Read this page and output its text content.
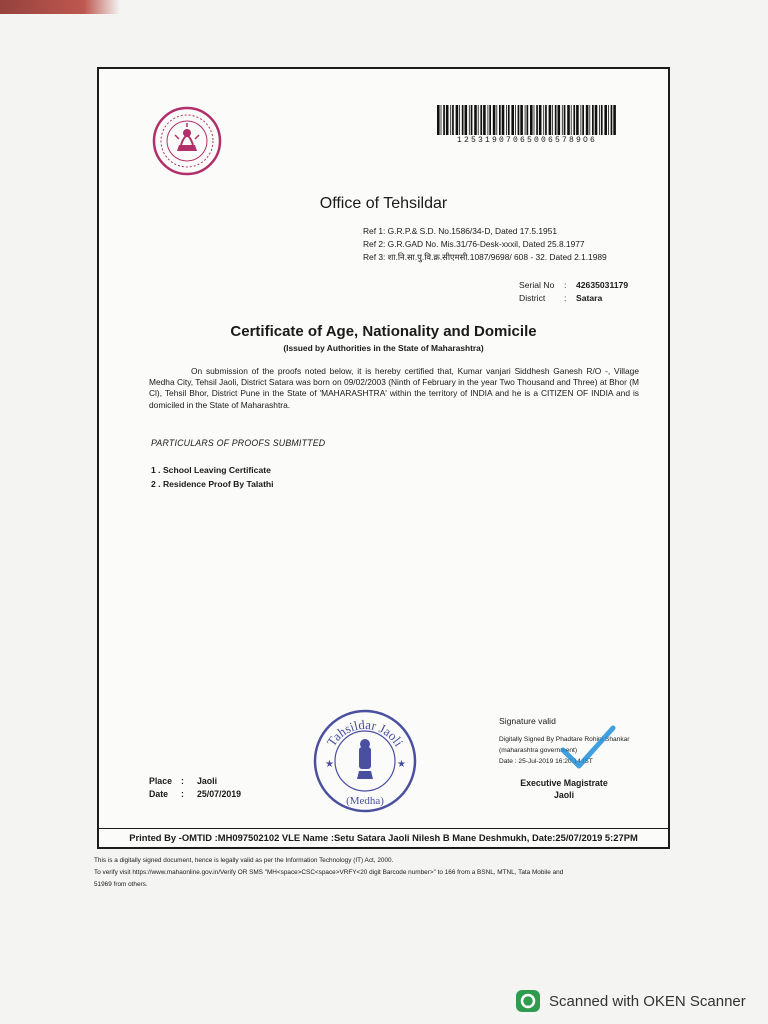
125319070650065789O6
Office of Tehsildar
Ref 1: G.R.P.& S.D. No.1586/34-D, Dated 17.5.1951
Ref 2: G.R.GAD No. Mis.31/76-Desk-xxxil, Dated 25.8.1977
Ref 3: शा.नि.सा.पु.वि.क्र.सीएमसी.1087/9698/ 608 - 32. Dated 2.1.1989
Serial No : 42635031179
District : Satara
Certificate of Age, Nationality and Domicile
(Issued by Authorities in the State of Maharashtra)

On submission of the proofs noted below, it is hereby certified that, Kumar vanjari Siddhesh Ganesh R/O -, Village Medha City, Tehsil Jaoli, District Satara was born on 09/02/2003 (Ninth of February in the year Two Thousand and Three) at Bhor (M Cl), Tehsil Bhor, District Pune in the State of 'MAHARASHTRA' within the territory of INDIA and he is a CITIZEN OF INDIA and is domiciled in the State of Maharashtra.

PARTICULARS OF PROOFS SUBMITTED
1 . School Leaving Certificate
2 . Residence Proof By Talathi
Place : Jaoli
Date : 25/07/2019
Tahsildar Jaoli
(Medha)
★	★
Signature valid
Digitally Signed By Phadtare Rohini Shankar
(maharashtra government)
Date : 25-Jul-2019 16:20:14 IST
Executive Magistrate
Jaoli
Printed By -OMTID :MH097502102 VLE Name :Setu Satara Jaoli Nilesh B Mane Deshmukh, Date:25/07/2019 5:27PM
This is a digitally signed document, hence is legally valid as per the Information Technology (IT) Act, 2000.
To verify visit https://www.mahaonline.gov.in/Verify OR SMS "MH<space>CSC<space>VRFY<20 digit Barcode number>" to 166 from a BSNL, MTNL, Tata Mobile and
51969 from others.
Scanned with OKEN Scanner
